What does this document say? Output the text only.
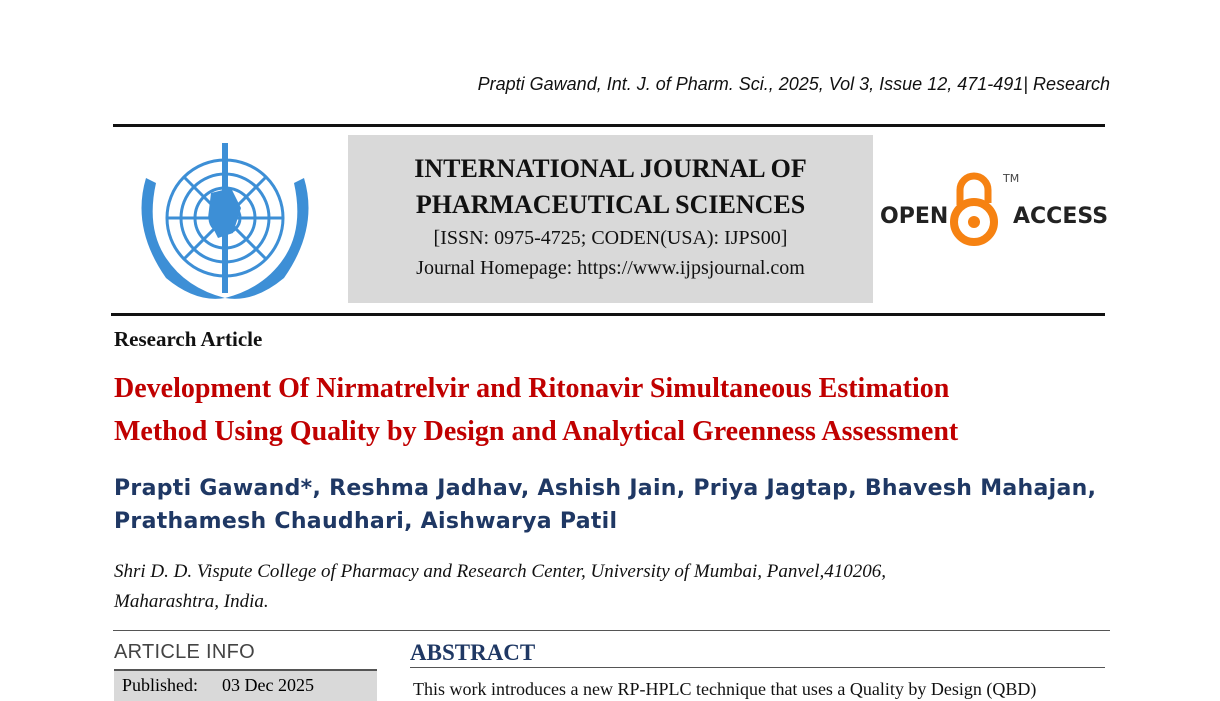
Prapti Gawand, Int. J. of Pharm. Sci., 2025, Vol 3, Issue 12, 471-491| Research
INTERNATIONAL JOURNAL OF
PHARMACEUTICAL SCIENCES
[ISSN: 0975-4725; CODEN(USA): IJPS00]
Journal Homepage: https://www.ijpsjournal.com
OPEN	ACCESS
TM
Research Article
Development Of Nirmatrelvir and Ritonavir Simultaneous Estimation
Method Using Quality by Design and Analytical Greenness Assessment
Prapti Gawand*, Reshma Jadhav, Ashish Jain, Priya Jagtap, Bhavesh Mahajan,
Prathamesh Chaudhari, Aishwarya Patil
Shri D. D. Vispute College of Pharmacy and Research Center, University of Mumbai, Panvel,410206,
Maharashtra, India.
ARTICLE INFO
Published: 03 Dec 2025
ABSTRACT
This work introduces a new RP-HPLC technique that uses a Quality by Design (QBD)
